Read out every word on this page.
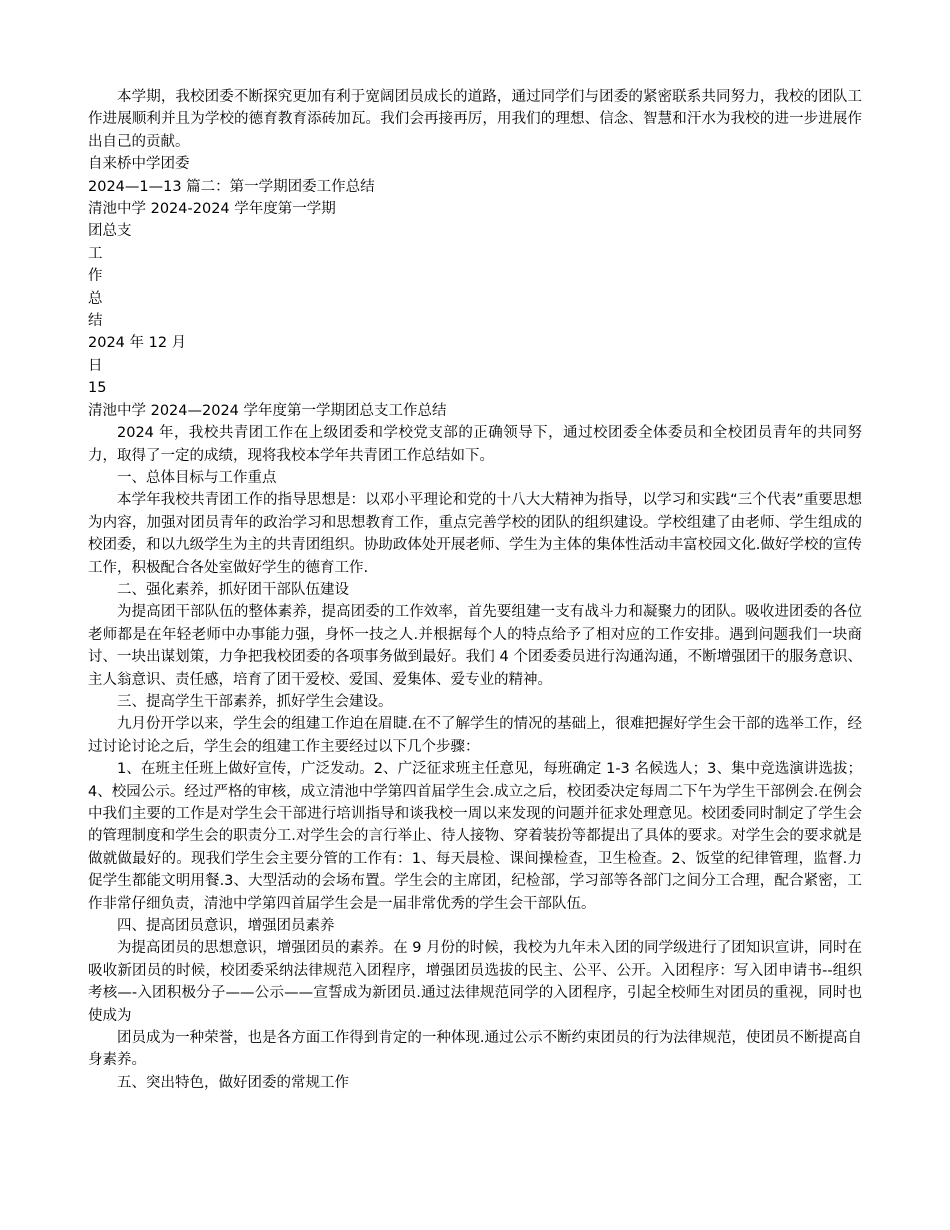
本学期，我校团委不断探究更加有利于宽阔团员成长的道路，通过同学们与团委的紧密联系共同努力，我校的团队工作进展顺利并且为学校的德育教育添砖加瓦。我们会再接再厉，用我们的理想、信念、智慧和汗水为我校的进一步进展作出自己的贡献。

自来桥中学团委

2024—1—13 篇二：第一学期团委工作总结

清池中学 2024-2024 学年度第一学期

团总支

工

作

总

结

2024 年 12 月

日

15

清池中学 2024—2024 学年度第一学期团总支工作总结

2024 年，我校共青团工作在上级团委和学校党支部的正确领导下，通过校团委全体委员和全校团员青年的共同努力，取得了一定的成绩，现将我校本学年共青团工作总结如下。

一、总体目标与工作重点

本学年我校共青团工作的指导思想是：以邓小平理论和党的十八大大精神为指导，以学习和实践“三个代表”重要思想为内容，加强对团员青年的政治学习和思想教育工作，重点完善学校的团队的组织建设。学校组建了由老师、学生组成的校团委，和以九级学生为主的共青团组织。协助政体处开展老师、学生为主体的集体性活动丰富校园文化.做好学校的宣传工作，积极配合各处室做好学生的德育工作.

二、强化素养，抓好团干部队伍建设

为提高团干部队伍的整体素养，提高团委的工作效率，首先要组建一支有战斗力和凝聚力的团队。吸收进团委的各位老师都是在年轻老师中办事能力强，身怀一技之人.并根据每个人的特点给予了相对应的工作安排。遇到问题我们一块商讨、一块出谋划策，力争把我校团委的各项事务做到最好。我们 4 个团委委员进行沟通沟通，不断增强团干的服务意识、主人翁意识、责任感，培育了团干爱校、爱国、爱集体、爱专业的精神。

三、提高学生干部素养，抓好学生会建设。

九月份开学以来，学生会的组建工作迫在眉睫.在不了解学生的情况的基础上，很难把握好学生会干部的选举工作，经过讨论讨论之后，学生会的组建工作主要经过以下几个步骤：

1、在班主任班上做好宣传，广泛发动。2、广泛征求班主任意见，每班确定 1-3 名候选人；3、集中竞选演讲选拔；4、校园公示。经过严格的审核，成立清池中学第四首届学生会.成立之后，校团委决定每周二下午为学生干部例会.在例会中我们主要的工作是对学生会干部进行培训指导和谈我校一周以来发现的问题并征求处理意见。校团委同时制定了学生会的管理制度和学生会的职责分工.对学生会的言行举止、待人接物、穿着装扮等都提出了具体的要求。对学生会的要求就是做就做最好的。现我们学生会主要分管的工作有：1、每天晨检、课间操检查，卫生检查。2、饭堂的纪律管理，监督.力促学生都能文明用餐.3、大型活动的会场布置。学生会的主席团，纪检部，学习部等各部门之间分工合理，配合紧密，工作非常仔细负责，清池中学第四首届学生会是一届非常优秀的学生会干部队伍。

四、提高团员意识，增强团员素养

为提高团员的思想意识，增强团员的素养。在 9 月份的时候，我校为九年未入团的同学级进行了团知识宣讲，同时在吸收新团员的时候，校团委采纳法律规范入团程序，增强团员选拔的民主、公平、公开。入团程序：写入团申请书--组织考核—-入团积极分子——公示——宣誓成为新团员.通过法律规范同学的入团程序，引起全校师生对团员的重视，同时也使成为

团员成为一种荣誉，也是各方面工作得到肯定的一种体现.通过公示不断约束团员的行为法律规范，使团员不断提高自身素养。

五、突出特色，做好团委的常规工作
